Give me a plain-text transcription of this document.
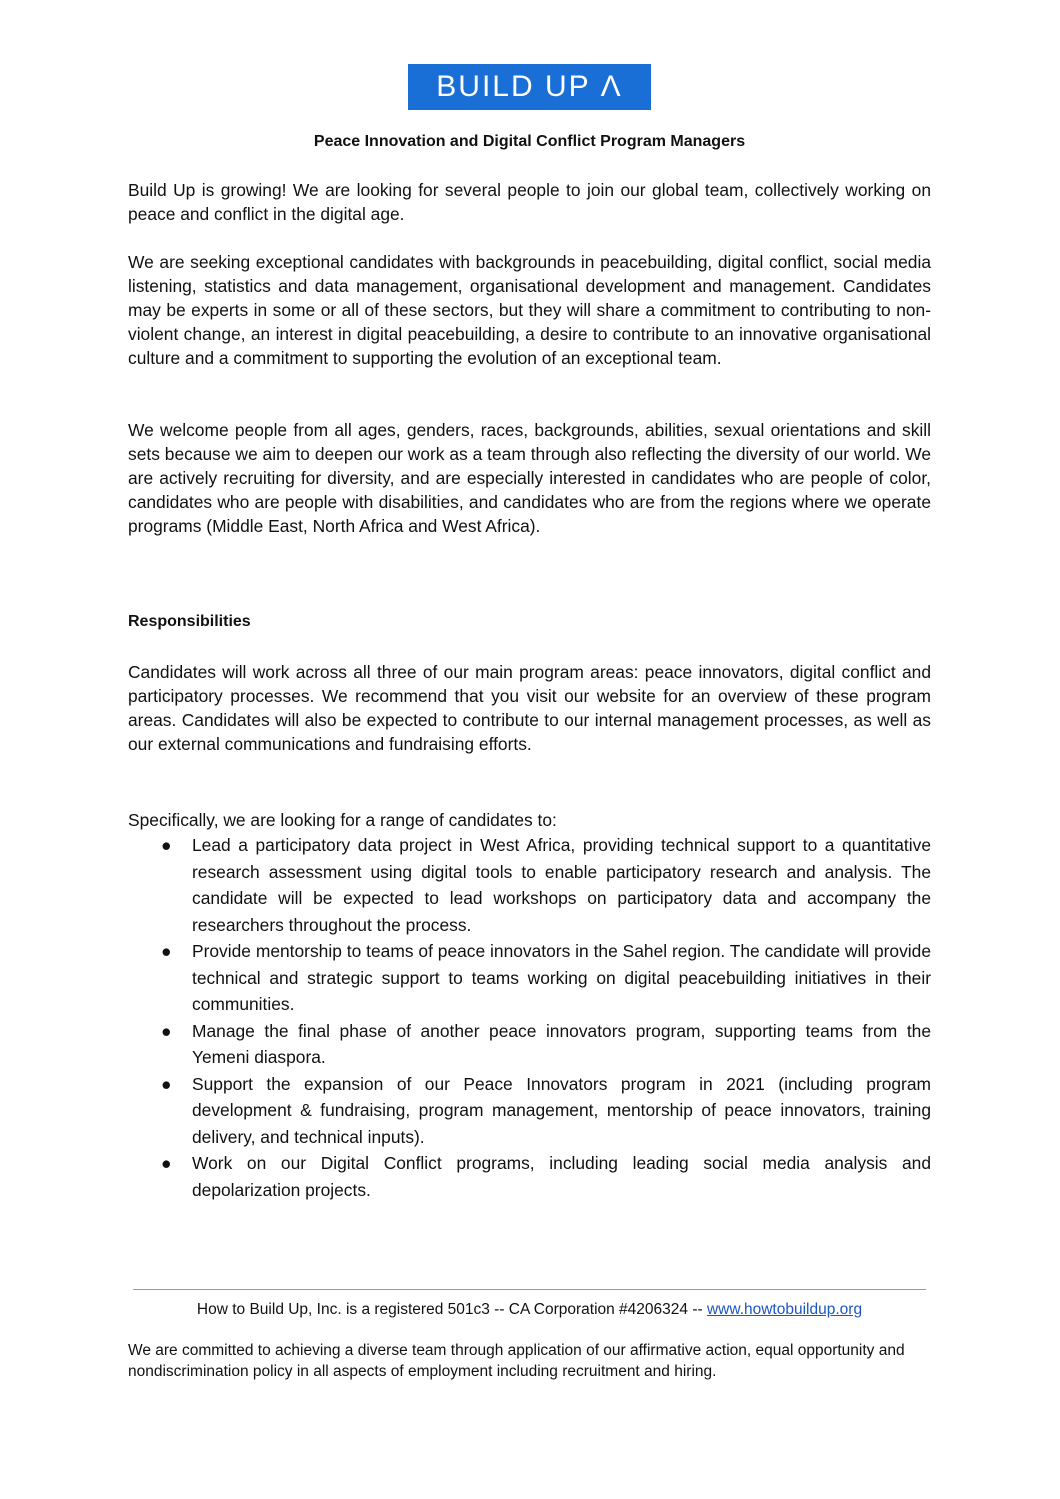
BUILD UP Λ
Peace Innovation and Digital Conflict Program Managers

Build Up is growing! We are looking for several people to join our global team, collectively working on peace and conflict in the digital age.

We are seeking exceptional candidates with backgrounds in peacebuilding, digital conflict, social media listening, statistics and data management, organisational development and management. Candidates may be experts in some or all of these sectors, but they will share a commitment to contributing to non-violent change, an interest in digital peacebuilding, a desire to contribute to an innovative organisational culture and a commitment to supporting the evolution of an exceptional team.

We welcome people from all ages, genders, races, backgrounds, abilities, sexual orientations and skill sets because we aim to deepen our work as a team through also reflecting the diversity of our world. We are actively recruiting for diversity, and are especially interested in candidates who are people of color, candidates who are people with disabilities, and candidates who are from the regions where we operate programs (Middle East, North Africa and West Africa).

Responsibilities

Candidates will work across all three of our main program areas: peace innovators, digital conflict and participatory processes. We recommend that you visit our website for an overview of these program areas. Candidates will also be expected to contribute to our internal management processes, as well as our external communications and fundraising efforts.

Specifically, we are looking for a range of candidates to:

● Lead a participatory data project in West Africa, providing technical support to a quantitative research assessment using digital tools to enable participatory research and analysis. The candidate will be expected to lead workshops on participatory data and accompany the researchers throughout the process.
● Provide mentorship to teams of peace innovators in the Sahel region. The candidate will provide technical and strategic support to teams working on digital peacebuilding initiatives in their communities.
● Manage the final phase of another peace innovators program, supporting teams from the Yemeni diaspora.
● Support the expansion of our Peace Innovators program in 2021 (including program development & fundraising, program management, mentorship of peace innovators, training delivery, and technical inputs).
● Work on our Digital Conflict programs, including leading social media analysis and depolarization projects.
How to Build Up, Inc. is a registered 501c3 -- CA Corporation #4206324 -- www.howtobuildup.org

We are committed to achieving a diverse team through application of our affirmative action, equal opportunity and nondiscrimination policy in all aspects of employment including recruitment and hiring.
